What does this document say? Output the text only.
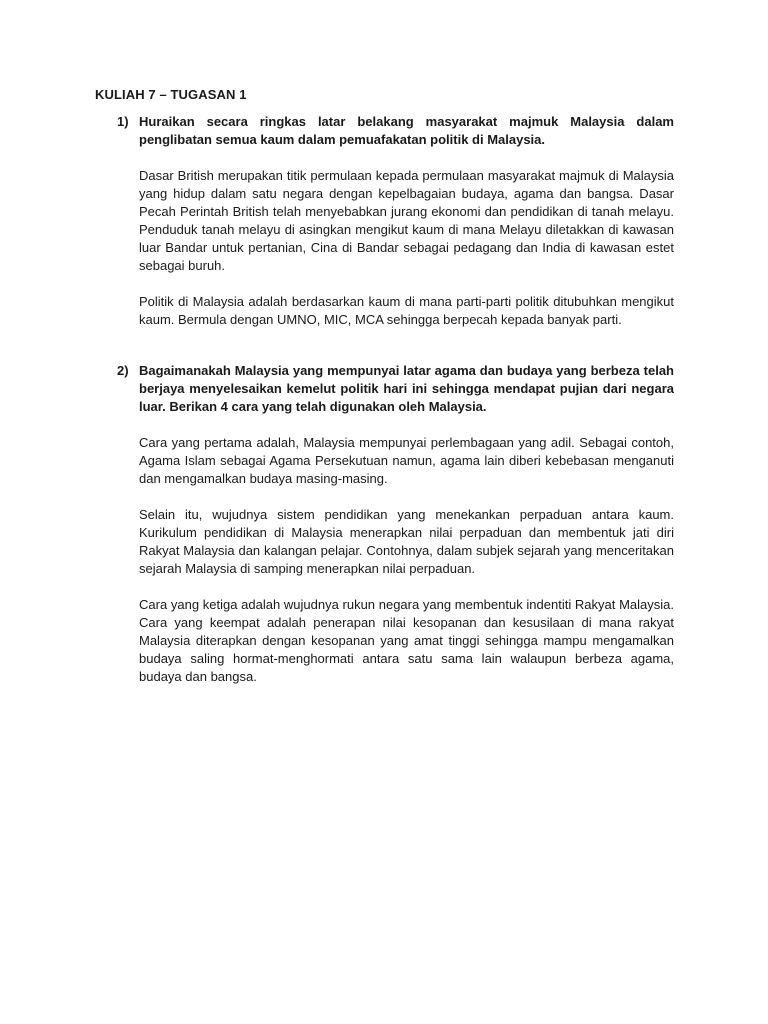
KULIAH 7 – TUGASAN 1
1) Huraikan secara ringkas latar belakang masyarakat majmuk Malaysia dalam penglibatan semua kaum dalam pemuafakatan politik di Malaysia.

Dasar British merupakan titik permulaan kepada permulaan masyarakat majmuk di Malaysia yang hidup dalam satu negara dengan kepelbagaian budaya, agama dan bangsa. Dasar Pecah Perintah British telah menyebabkan jurang ekonomi dan pendidikan di tanah melayu. Penduduk tanah melayu di asingkan mengikut kaum di mana Melayu diletakkan di kawasan luar Bandar untuk pertanian, Cina di Bandar sebagai pedagang dan India di kawasan estet sebagai buruh.

Politik di Malaysia adalah berdasarkan kaum di mana parti-parti politik ditubuhkan mengikut kaum. Bermula dengan UMNO, MIC, MCA sehingga berpecah kepada banyak parti.

2) Bagaimanakah Malaysia yang mempunyai latar agama dan budaya yang berbeza telah berjaya menyelesaikan kemelut politik hari ini sehingga mendapat pujian dari negara luar. Berikan 4 cara yang telah digunakan oleh Malaysia.

Cara yang pertama adalah, Malaysia mempunyai perlembagaan yang adil. Sebagai contoh, Agama Islam sebagai Agama Persekutuan namun, agama lain diberi kebebasan menganuti dan mengamalkan budaya masing-masing.

Selain itu, wujudnya sistem pendidikan yang menekankan perpaduan antara kaum. Kurikulum pendidikan di Malaysia menerapkan nilai perpaduan dan membentuk jati diri Rakyat Malaysia dan kalangan pelajar. Contohnya, dalam subjek sejarah yang menceritakan sejarah Malaysia di samping menerapkan nilai perpaduan.

Cara yang ketiga adalah wujudnya rukun negara yang membentuk indentiti Rakyat Malaysia. Cara yang keempat adalah penerapan nilai kesopanan dan kesusilaan di mana rakyat Malaysia diterapkan dengan kesopanan yang amat tinggi sehingga mampu mengamalkan budaya saling hormat-menghormati antara satu sama lain walaupun berbeza agama, budaya dan bangsa.
